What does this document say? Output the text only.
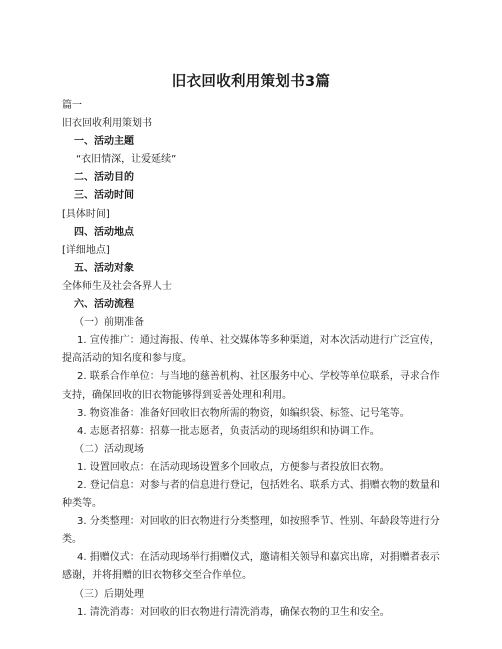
旧衣回收利用策划书3篇

篇一

旧衣回收利用策划书

一、活动主题

“衣旧情深，让爱延续”

二、活动目的

三、活动时间

[具体时间]

四、活动地点

[详细地点]

五、活动对象

全体师生及社会各界人士

六、活动流程

（一）前期准备

1. 宣传推广：通过海报、传单、社交媒体等多种渠道，对本次活动进行广泛宣传，提高活动的知名度和参与度。

2. 联系合作单位：与当地的慈善机构、社区服务中心、学校等单位联系，寻求合作支持，确保回收的旧衣物能够得到妥善处理和利用。

3. 物资准备：准备好回收旧衣物所需的物资，如编织袋、标签、记号笔等。

4. 志愿者招募：招募一批志愿者，负责活动的现场组织和协调工作。

（二）活动现场

1. 设置回收点：在活动现场设置多个回收点，方便参与者投放旧衣物。

2. 登记信息：对参与者的信息进行登记，包括姓名、联系方式、捐赠衣物的数量和种类等。

3. 分类整理：对回收的旧衣物进行分类整理，如按照季节、性别、年龄段等进行分类。

4. 捐赠仪式：在活动现场举行捐赠仪式，邀请相关领导和嘉宾出席，对捐赠者表示感谢，并将捐赠的旧衣物移交至合作单位。

（三）后期处理

1. 清洗消毒：对回收的旧衣物进行清洗消毒，确保衣物的卫生和安全。
